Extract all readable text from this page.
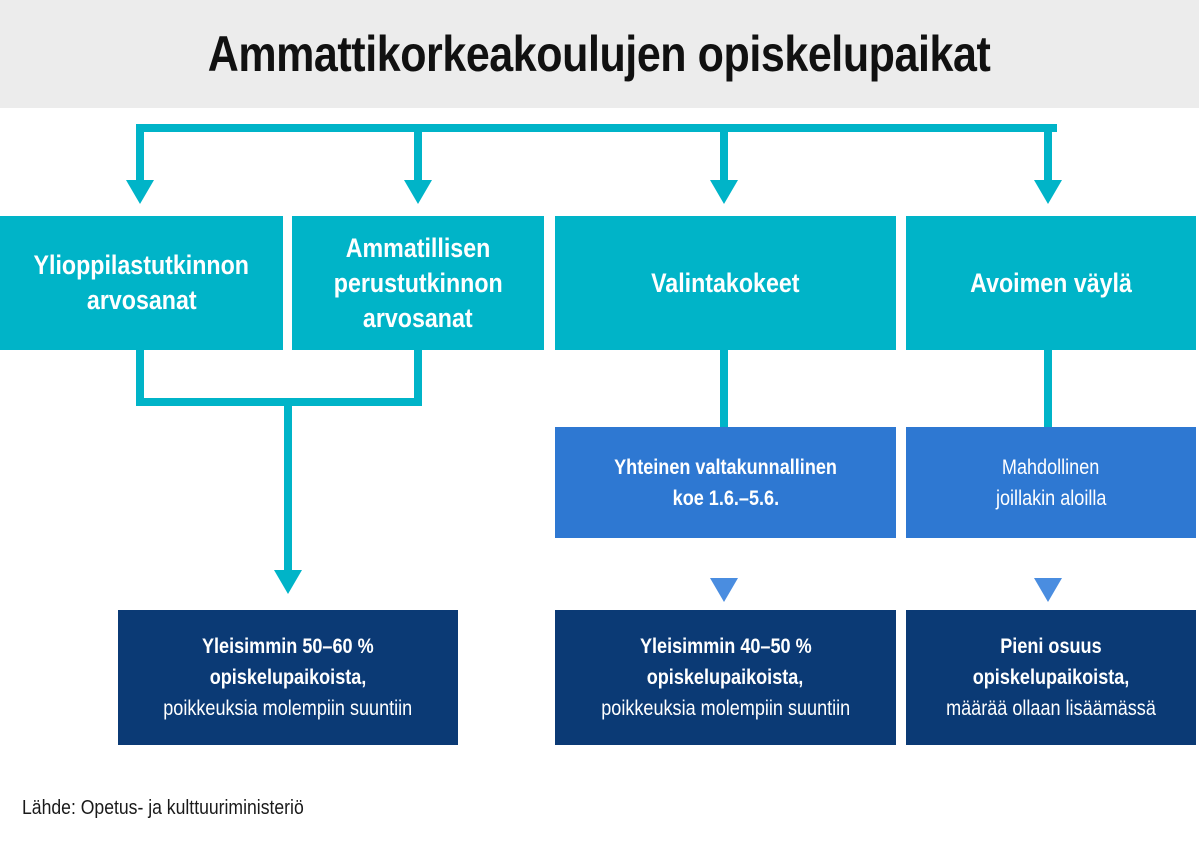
Ammattikorkeakoulujen opiskelupaikat
Ylioppilastutkinnon
arvosanat
Ammatillisen
perustutkinnon
arvosanat
Valintakokeet	Avoimen väylä
Yhteinen valtakunnallinen
koe 1.6.–5.6.
Mahdollinen
joillakin aloilla
Yleisimmin 50–60 %
opiskelupaikoista,
poikkeuksia molempiin suuntiin
Yleisimmin 40–50 %
opiskelupaikoista,
poikkeuksia molempiin suuntiin
Pieni osuus
opiskelupaikoista,
määrää ollaan lisäämässä
Lähde: Opetus- ja kulttuuriministeriö
